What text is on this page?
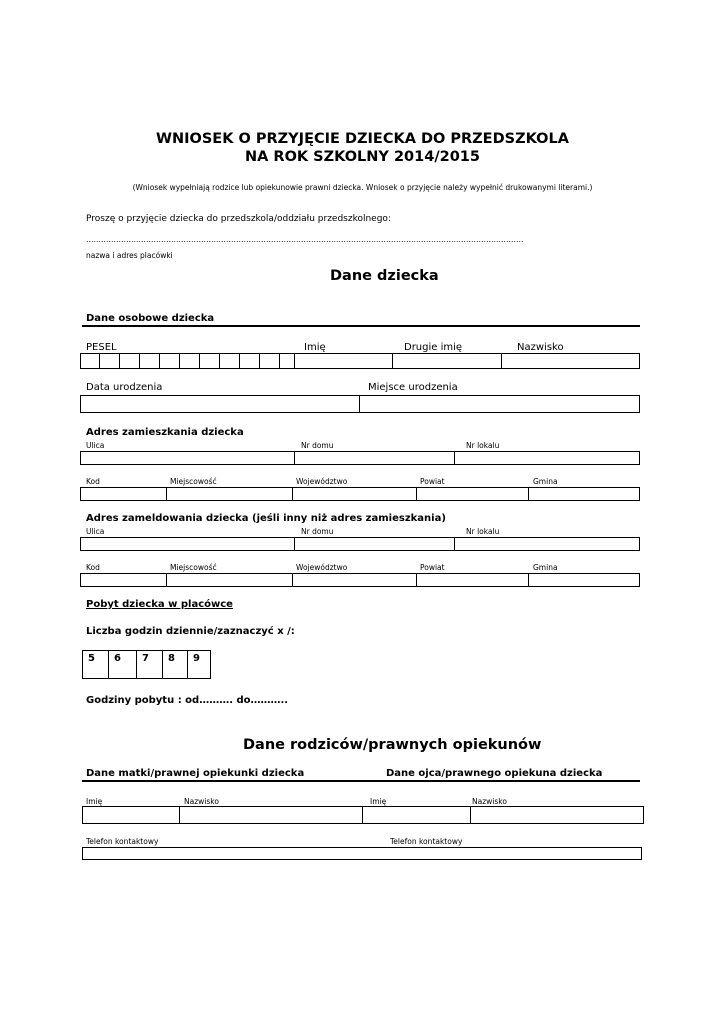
WNIOSEK O PRZYJĘCIE DZIECKA DO PRZEDSZKOLA
NA ROK SZKOLNY 2014/2015
(Wniosek wypełniają rodzice lub opiekunowie prawni dziecka. Wniosek o przyjęcie należy wypełnić drukowanymi literami.)
Proszę o przyjęcie dziecka do przedszkola/oddziału przedszkolnego:
………………………………………………………………………………………………………………………………………………………….
nazwa i adres placówki
Dane dziecka
Dane osobowe dziecka
PESEL	Imię	Drugie imię	Nazwisko
Data urodzenia	Miejsce urodzenia
Adres zamieszkania dziecka
Ulica	Nr domu	Nr lokalu
Kod	Miejscowość	Województwo	Powiat	Gmina
Adres zameldowania dziecka (jeśli inny niż adres zamieszkania)
Ulica	Nr domu	Nr lokalu
Kod	Miejscowość	Województwo	Powiat	Gmina
Pobyt dziecka w placówce
Liczba godzin dziennie/zaznaczyć x /:
5	6	7	8	9
Godziny pobytu : od………. do………..
Dane rodziców/prawnych opiekunów
Dane matki/prawnej opiekunki dziecka	Dane ojca/prawnego opiekuna dziecka
Imię	Nazwisko	Imię	Nazwisko
Telefon kontaktowy	Telefon kontaktowy
